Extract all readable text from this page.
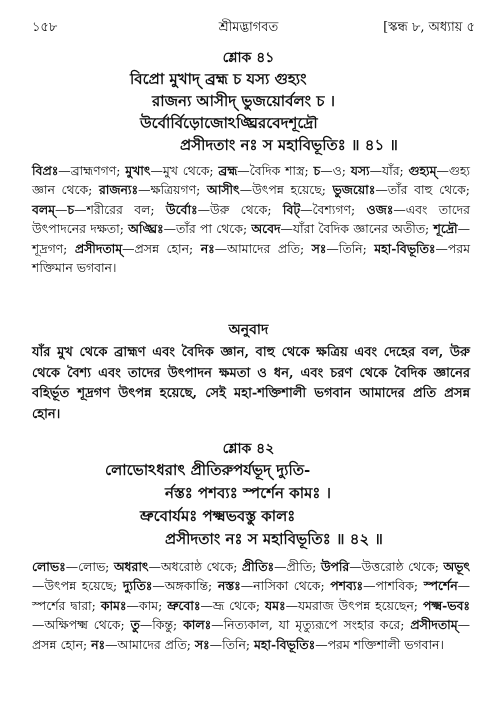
১৫৮	শ্রীমদ্ভাগবত	[স্কন্ধ ৮, অধ্যায় ৫
শ্লোক ৪১
বিপ্রো মুখাদ্ ব্রহ্ম চ যস্য গুহ্যং
রাজন্য আসীদ্ ভুজয়োর্বলং চ ।
উর্বোর্বিড়োজোঽঙ্ঘ্রিরবেদশূদ্রৌ
প্রসীদতাং নঃ স মহাবিভূতিঃ ॥ ৪১ ॥

বিপ্রঃ—ব্রাহ্মণগণ; মুখাৎ—মুখ থেকে; ব্রহ্ম—বৈদিক শাস্ত্র; চ—ও; যস্য—যাঁর; গুহ্যম্—গুহ্য জ্ঞান থেকে; রাজন্যঃ—ক্ষত্রিয়গণ; আসীৎ—উৎপন্ন হয়েছে; ভুজয়োঃ—তাঁর বাহু থেকে; বলম্—চ—শরীরের বল; উর্বোঃ—উরু থেকে; বিট্—বৈশ্যগণ; ওজঃ—এবং তাদের উৎপাদনের দক্ষতা; অঙ্ঘ্রিঃ—তাঁর পা থেকে; অবেদ—যাঁরা বৈদিক জ্ঞানের অতীত; শূদ্রৌ—শূদ্রগণ; প্রসীদতাম্—প্রসন্ন হোন; নঃ—আমাদের প্রতি; সঃ—তিনি; মহা-বিভূতিঃ—পরম শক্তিমান ভগবান।

অনুবাদ
যাঁর মুখ থেকে ব্রাহ্মণ এবং বৈদিক জ্ঞান, বাহু থেকে ক্ষত্রিয় এবং দেহের বল, উরু থেকে বৈশ্য এবং তাদের উৎপাদন ক্ষমতা ও ধন, এবং চরণ থেকে বৈদিক জ্ঞানের বহির্ভূত শূদ্রগণ উৎপন্ন হয়েছে, সেই মহা-শক্তিশালী ভগবান আমাদের প্রতি প্রসন্ন হোন।
শ্লোক ৪২
লোভোঽধরাৎ প্রীতিরুপর্যভূদ্ দ্যুতি-
র্নস্তঃ পশব্যঃ স্পর্শেন কামঃ ।
ভ্রুবোর্যমঃ পক্ষ্মভবস্তু কালঃ
প্রসীদতাং নঃ স মহাবিভূতিঃ ॥ ৪২ ॥

লোভঃ—লোভ; অধরাৎ—অধরোষ্ঠ থেকে; প্রীতিঃ—প্রীতি; উপরি—উত্তরোষ্ঠ থেকে; অভূৎ—উৎপন্ন হয়েছে; দ্যুতিঃ—অঙ্গকান্তি; নস্তঃ—নাসিকা থেকে; পশব্যঃ—পাশবিক; স্পর্শেন—স্পর্শের দ্বারা; কামঃ—কাম; ভ্রুবোঃ—ভ্রূ থেকে; যমঃ—যমরাজ উৎপন্ন হয়েছেন; পক্ষ্ম-ভবঃ—অক্ষিপক্ষ্ম থেকে; তু—কিন্তু; কালঃ—নিত্যকাল, যা মৃত্যুরূপে সংহার করে; প্রসীদতাম্—প্রসন্ন হোন; নঃ—আমাদের প্রতি; সঃ—তিনি; মহা-বিভূতিঃ—পরম শক্তিশালী ভগবান।
